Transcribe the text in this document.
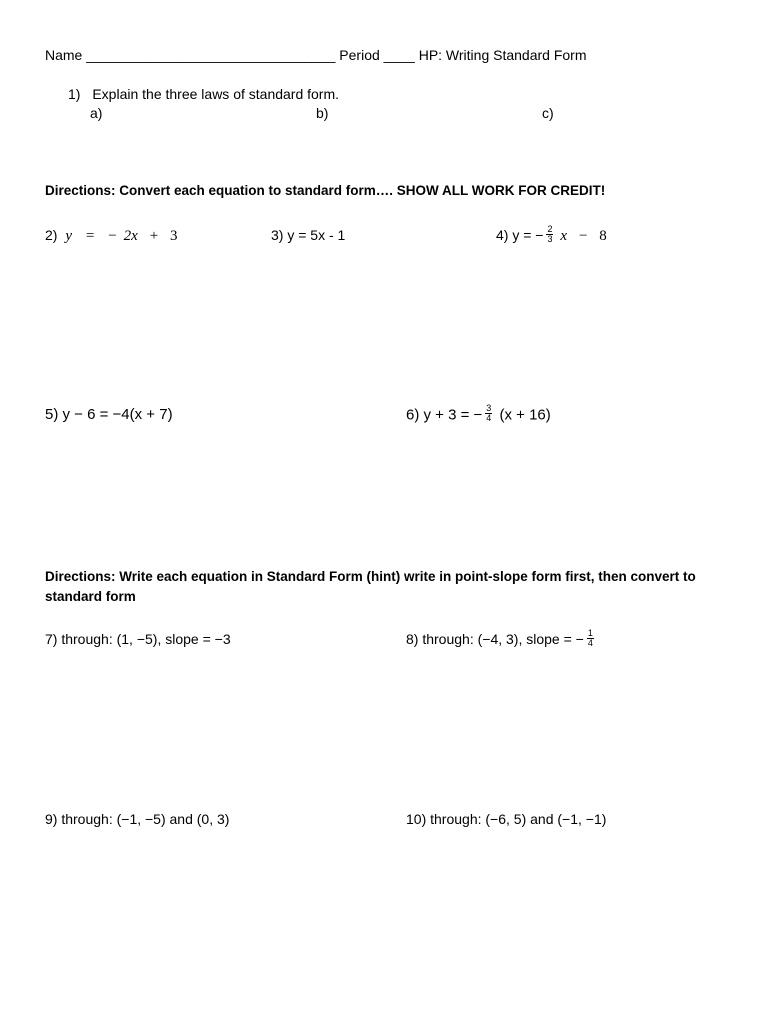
Name ________________________________ Period ____ HP: Writing Standard Form
1) Explain the three laws of standard form.
a)	b)	c)
Directions: Convert each equation to standard form…. SHOW ALL WORK FOR CREDIT!
2) y = − 2x + 3	3) y = 5x - 1	4) y = − $\frac{2}{3}$ x − 8
5) y − 6 = −4(x + 7)	6) y + 3 = − $\frac{3}{4} (x + 16)$
Directions: Write each equation in Standard Form (hint) write in point-slope form first, then convert to
standard form
7) through: (1, −5), slope = −3	8) through: (−4, 3), slope = − $\frac{1}{4}$
9) through: (−1, −5) and (0, 3)	10) through: (−6, 5) and (−1, −1)
